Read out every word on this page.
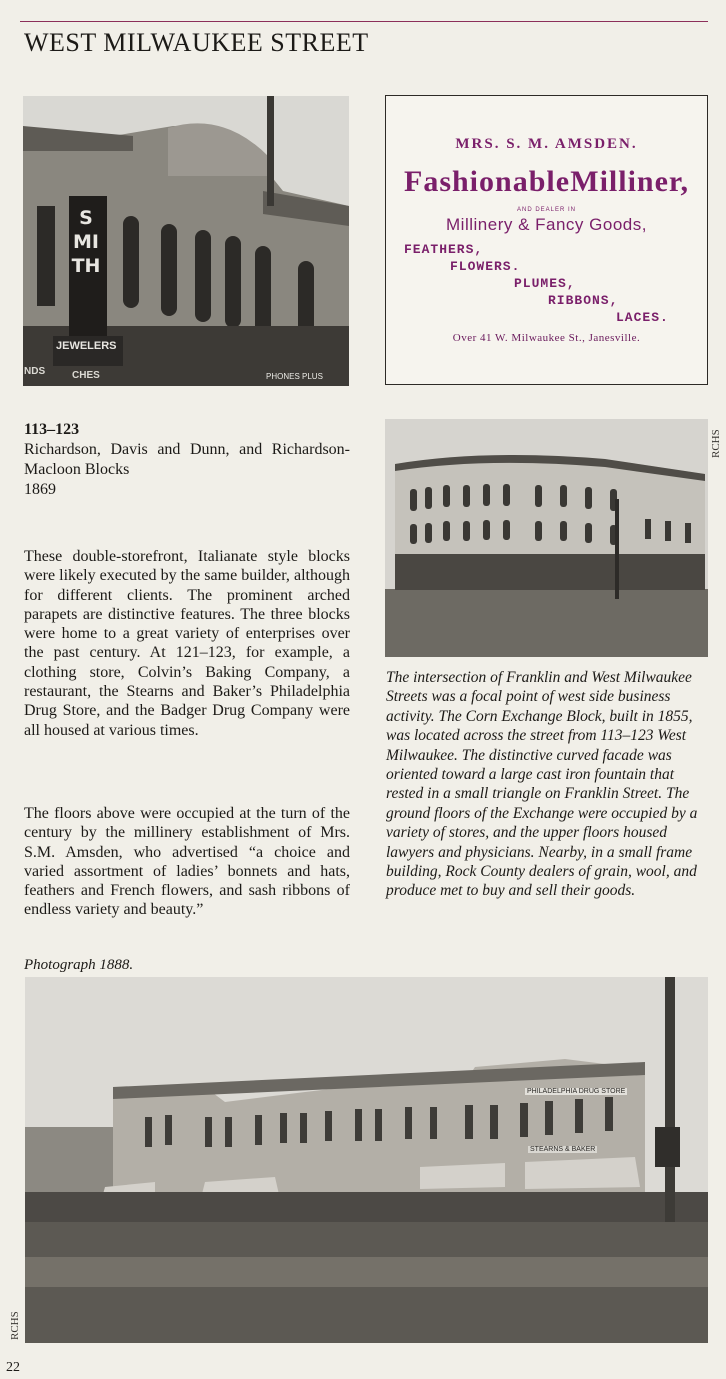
WEST MILWAUKEE STREET
SMITH
JEWELERS
NDS	CHES	PHONES PLUS
MRS. S. M. AMSDEN.
Fashionable Milliner,
AND DEALER IN
Millinery & Fancy Goods,
FEATHERS,
FLOWERS.
PLUMES,
RIBBONS,
LACES.
Over 41 W. Milwaukee St., Janesville.
113–123
Richardson, Davis and Dunn, and Richardson-Macloon Blocks
1869
RCHS

These double-storefront, Italianate style blocks were likely executed by the same builder, although for different clients. The prominent arched parapets are distinctive features. The three blocks were home to a great variety of enterprises over the past century. At 121–123, for example, a clothing store, Colvin’s Baking Company, a restaurant, the Stearns and Baker’s Philadelphia Drug Store, and the Badger Drug Company were all housed at various times.

The floors above were occupied at the turn of the century by the millinery establishment of Mrs. S.M. Amsden, who advertised “a choice and varied assortment of ladies’ bonnets and hats, feathers and French flowers, and sash ribbons of endless variety and beauty.”

The intersection of Franklin and West Milwaukee Streets was a focal point of west side business activity. The Corn Exchange Block, built in 1855, was located across the street from 113–123 West Milwaukee. The distinctive curved facade was oriented toward a large cast iron fountain that rested in a small triangle on Franklin Street. The ground floors of the Exchange were occupied by a variety of stores, and the upper floors housed lawyers and physicians. Nearby, in a small frame building, Rock County dealers of grain, wool, and produce met to buy and sell their goods.

Photograph 1888.

PHILADELPHIA DRUG STORE
STEARNS & BAKER
RCHS

22
